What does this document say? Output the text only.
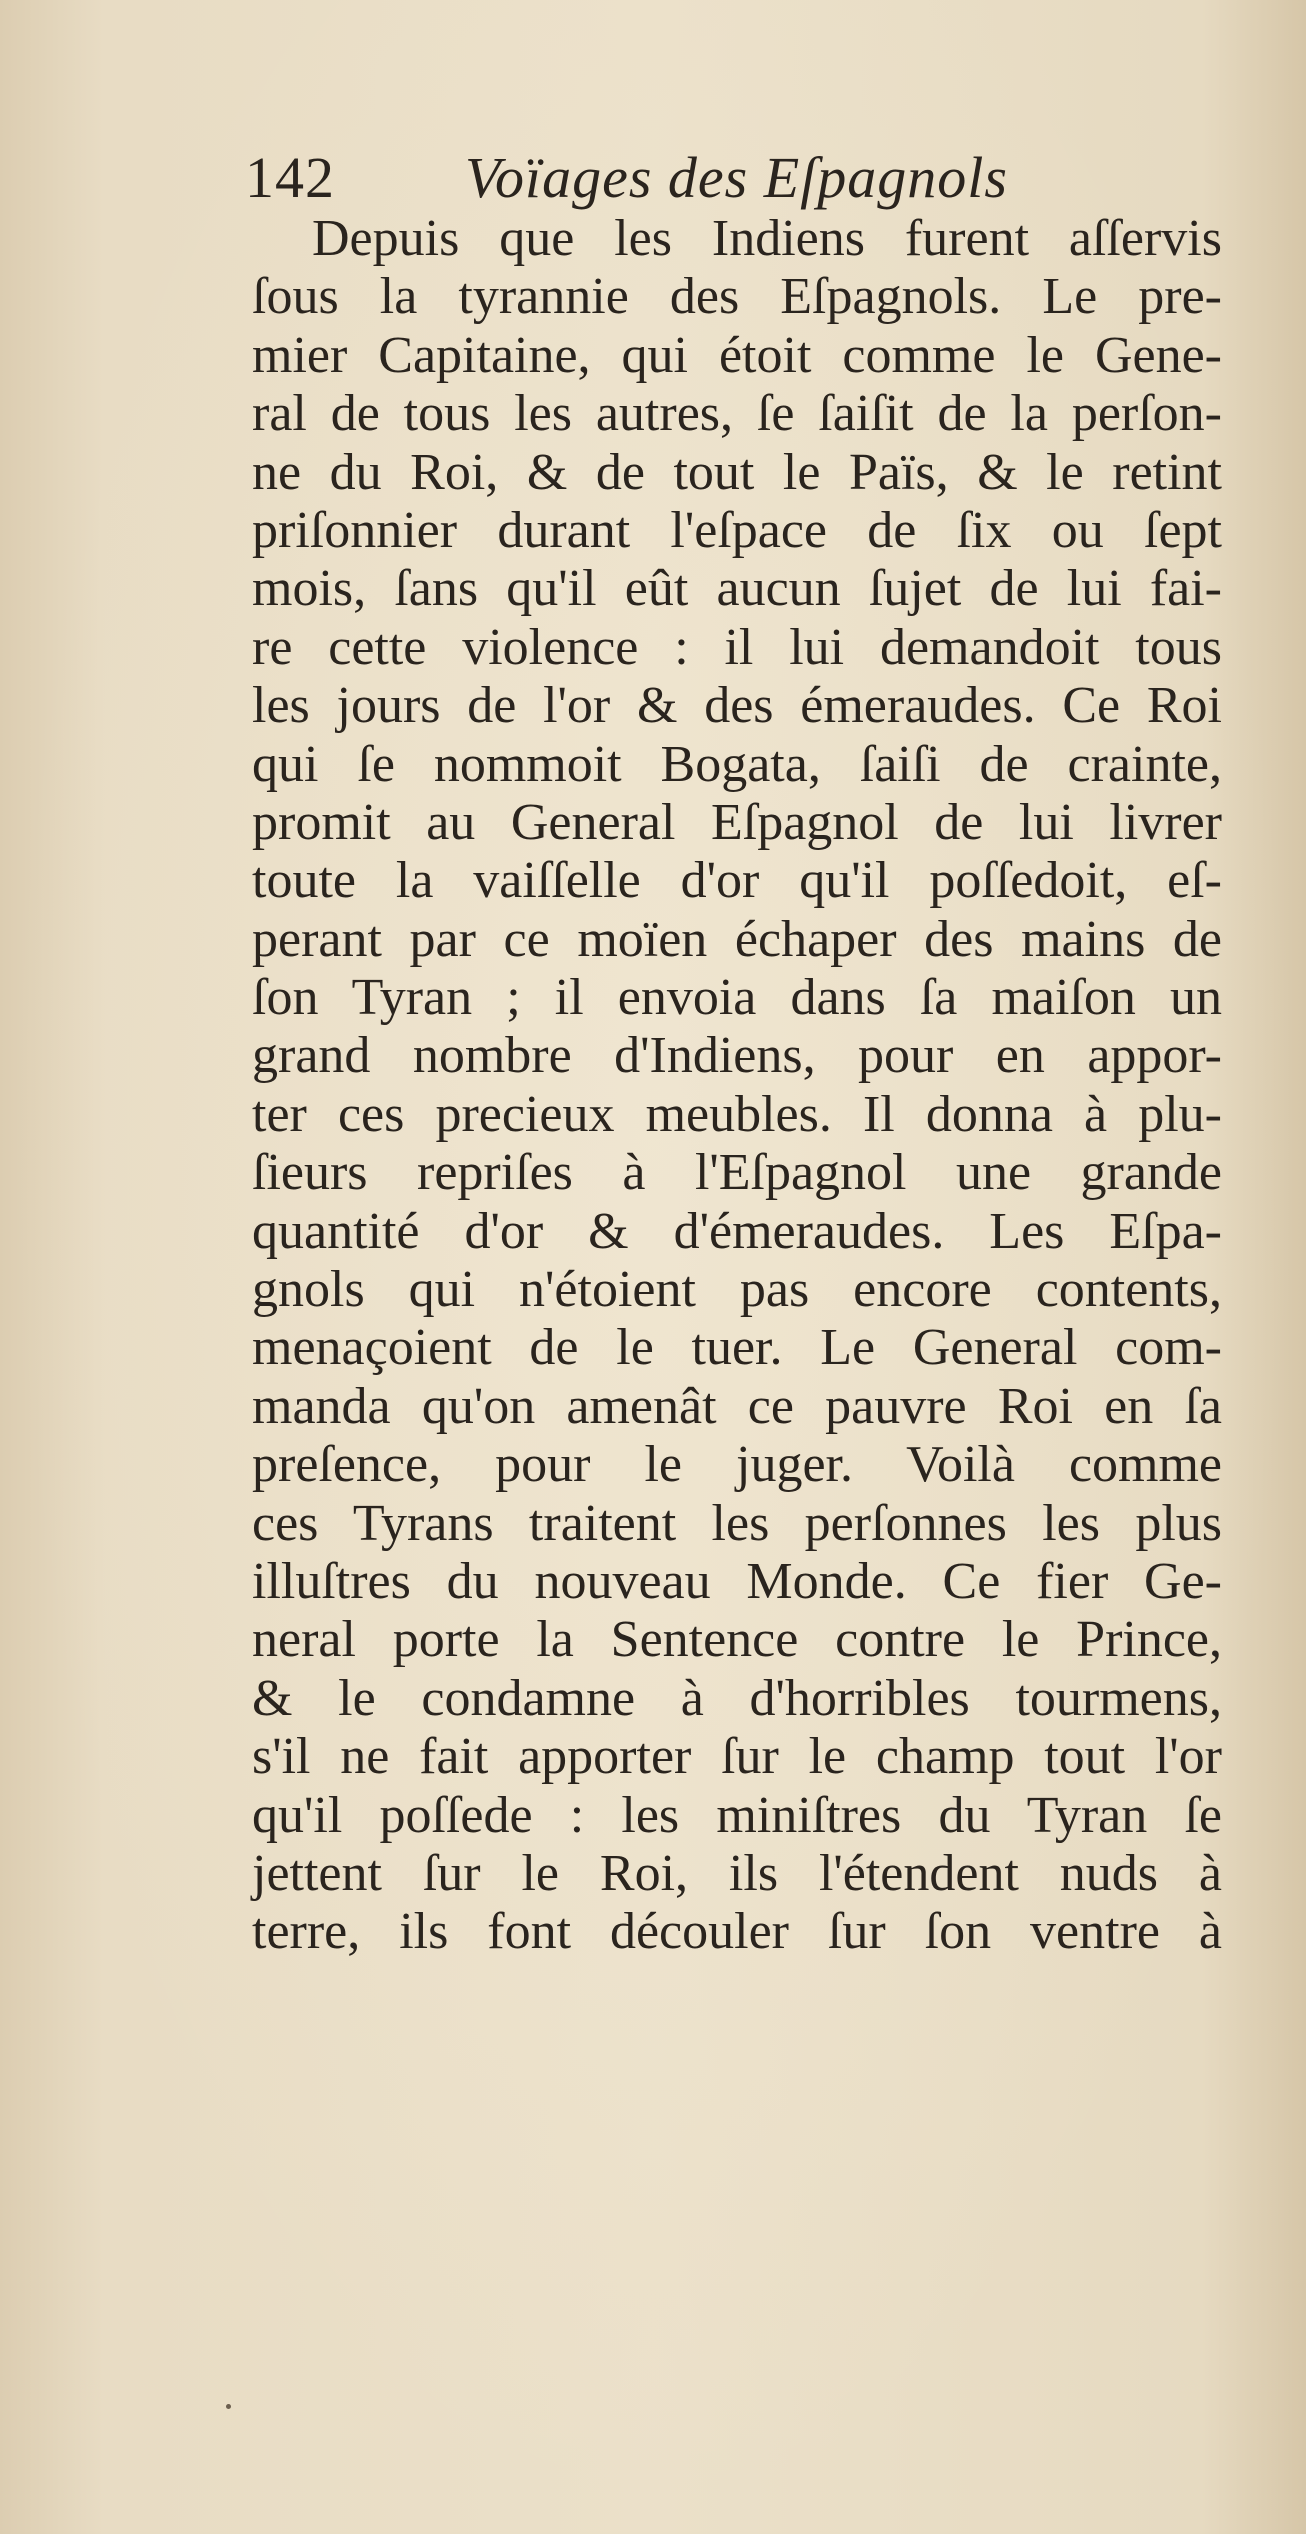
142 Voïages des Eſpagnols
Depuis que les Indiens furent aſſervis
ſous la tyrannie des Eſpagnols. Le pre-
mier Capitaine, qui étoit comme le Gene-
ral de tous les autres, ſe ſaiſit de la perſon-
ne du Roi, & de tout le Païs, & le retint
priſonnier durant l'eſpace de ſix ou ſept
mois, ſans qu'il eût aucun ſujet de lui fai-
re cette violence : il lui demandoit tous
les jours de l'or & des émeraudes. Ce Roi
qui ſe nommoit Bogata, ſaiſi de crainte,
promit au General Eſpagnol de lui livrer
toute la vaiſſelle d'or qu'il poſſedoit, eſ-
perant par ce moïen échaper des mains de
ſon Tyran ; il envoia dans ſa maiſon un
grand nombre d'Indiens, pour en appor-
ter ces precieux meubles. Il donna à plu-
ſieurs repriſes à l'Eſpagnol une grande
quantité d'or & d'émeraudes. Les Eſpa-
gnols qui n'étoient pas encore contents,
menaçoient de le tuer. Le General com-
manda qu'on amenât ce pauvre Roi en ſa
preſence, pour le juger. Voilà comme
ces Tyrans traitent les perſonnes les plus
illuſtres du nouveau Monde. Ce fier Ge-
neral porte la Sentence contre le Prince,
& le condamne à d'horribles tourmens,
s'il ne fait apporter ſur le champ tout l'or
qu'il poſſede : les miniſtres du Tyran ſe
jettent ſur le Roi, ils l'étendent nuds à
terre, ils font découler ſur ſon ventre à
